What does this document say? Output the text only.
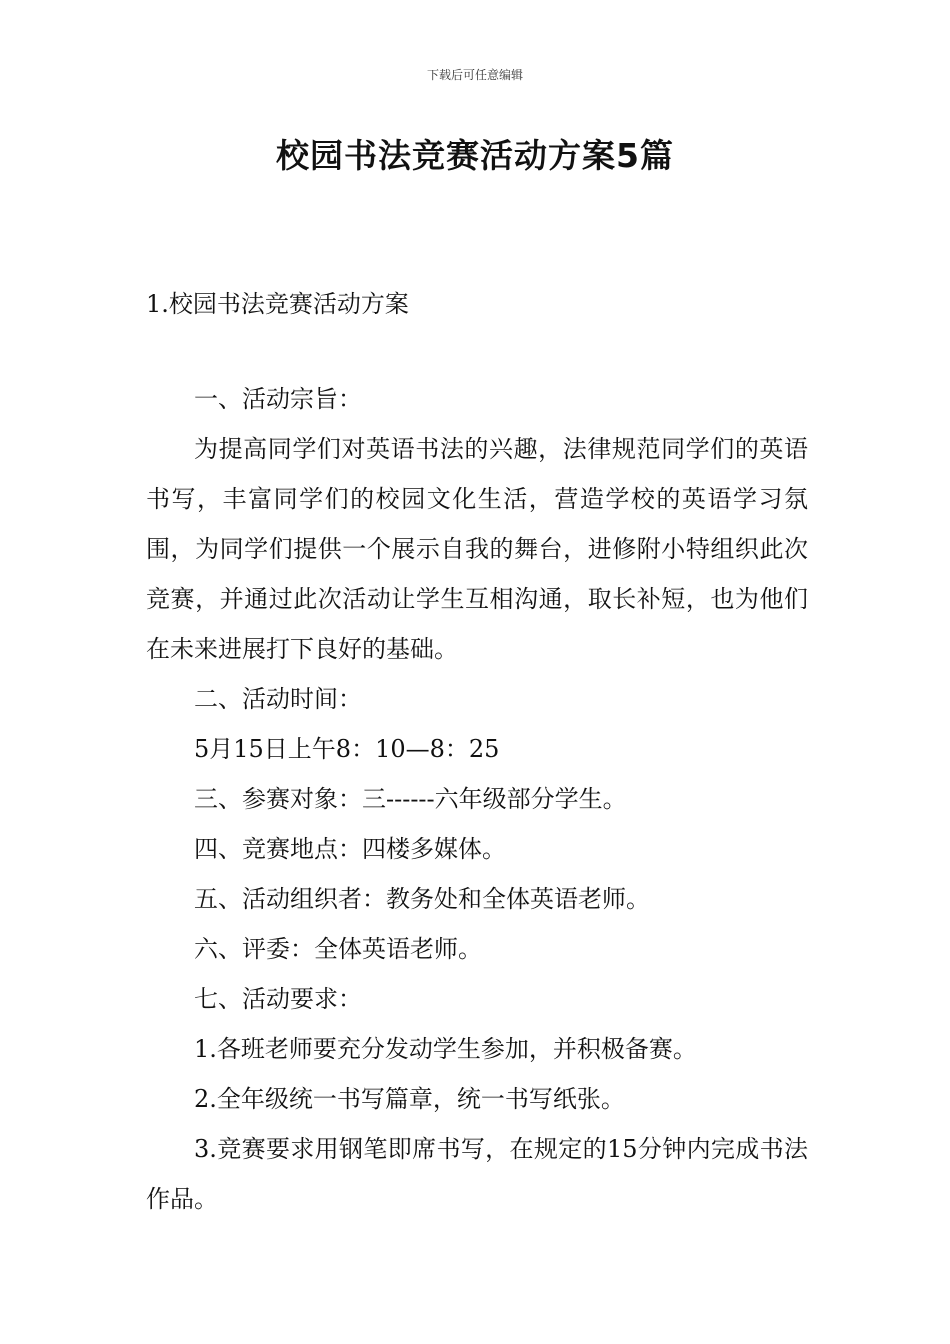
下载后可任意编辑
校园书法竞赛活动方案5篇
1.校园书法竞赛活动方案

一、活动宗旨：

为提高同学们对英语书法的兴趣，法律规范同学们的英语书写，丰富同学们的校园文化生活，营造学校的英语学习氛围，为同学们提供一个展示自我的舞台，进修附小特组织此次竞赛，并通过此次活动让学生互相沟通，取长补短，也为他们在未来进展打下良好的基础。

二、活动时间：

5月15日上午8：10—8：25

三、参赛对象：三------六年级部分学生。

四、竞赛地点：四楼多媒体。

五、活动组织者：教务处和全体英语老师。

六、评委：全体英语老师。

七、活动要求：

1.各班老师要充分发动学生参加，并积极备赛。

2.全年级统一书写篇章，统一书写纸张。

3.竞赛要求用钢笔即席书写，在规定的15分钟内完成书法作品。
